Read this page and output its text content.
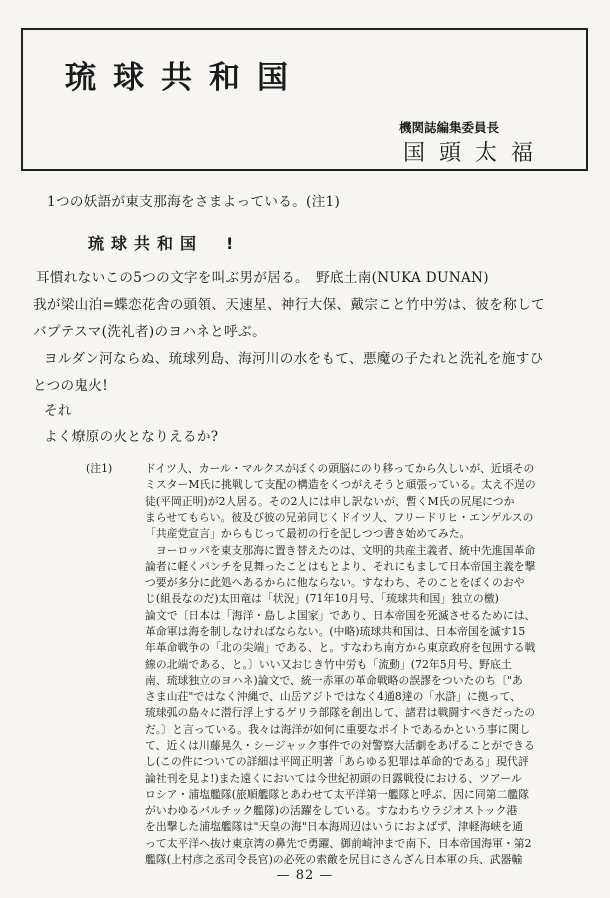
琉球共和国
機関誌編集委員長
国頭太福
1つの妖語が東支那海をさまよっている。(注1)
琉球共和国　!
耳慣れないこの5つの文字を叫ぶ男が居る。　野底土南(NUKA DUNAN)
我が梁山泊=蝶恋花舎の頭領、天速星、神行大保、戴宗こと竹中労は、彼を称して
バプテスマ(洗礼者)のヨハネと呼ぶ。
ヨルダン河ならぬ、琉球列島、海河川の水をもて、悪魔の子たれと洗礼を施すひ
とつの鬼火!
それ
よく燎原の火となりえるか?
(注1)	ドイツ人、カール・マルクスがぼくの頭脳にのり移ってから久しいが、近頃その
ミスターM氏に挑戦して支配の構造をくつがえそうと頑張っている。太え不逞の
徒(平岡正明)が2人居る。その2人には申し訳ないが、暫くM氏の尻尾につか
まらせてもらい。彼及び彼の兄弟同じくドイツ人、フリードリヒ・エンゲルスの
「共産党宣言」からもじって最初の行を記しつつ書き始めてみた。
　ヨーロッパを東支那海に置き替えたのは、文明的共産主義者、統中先進国革命
論者に軽くパンチを見舞ったことはもとより、それにもまして日本帝国主義を撃
つ要が多分に此処へあるからに他ならない。すなわち、そのことをぼくのおや
じ(組長なのだ)太田竜は「状況」(71年10月号、「琉球共和国」独立の檄)
論文で〔日本は「海洋・島しよ国家」であり、日本帝国を死滅させるためには、
革命軍は海を制しなければならない。(中略)琉球共和国は、日本帝国を滅す15
年革命戦争の「北の尖端」である、と。すなわち南方から東京政府を包囲する戦
線の北端である、と。〕いい又おじき竹中労も「流動」(72年5月号、野底土
南、琉球独立のヨハネ)論文で、統一赤軍の革命戦略の誤謬をついたのち〔"あ
さま山荘"ではなく沖縄で、山岳アジトではなく4通8達の「水滸」に拠って、
琉球弧の島々に潜行浮上するゲリラ部隊を創出して、諸君は戦闘すべきだったの
だ。〕と言っている。我々は海洋が如何に重要なポイトであるかという事に関し
て、近くは川藤晃久・シージャック事件での対警察大活劇をあげることができる
し(この件についての詳細は平岡正明著「あらゆる犯罪は革命的である」現代評
論社刊を見よ!)また遠くにおいては今世紀初頭の日露戦役における、ツアール
ロシア・浦塩艦隊(旅順艦隊とあわせて太平洋第一艦隊と呼ぶ、因に同第二艦隊
がいわゆるバルチック艦隊)の活躍をしている。すなわちウラジオストック港
を出撃した浦塩艦隊は"天皇の海"日本海周辺はいうにおよばず、津軽海峡を通
って太平洋へ抜け東京湾の鼻先で勇躍、御前崎沖まで南下、日本帝国海軍・第2
艦隊(上村彦之丞司令長官)の必死の索敵を尻目にさんざん日本軍の兵、武器輸
— 82 —
